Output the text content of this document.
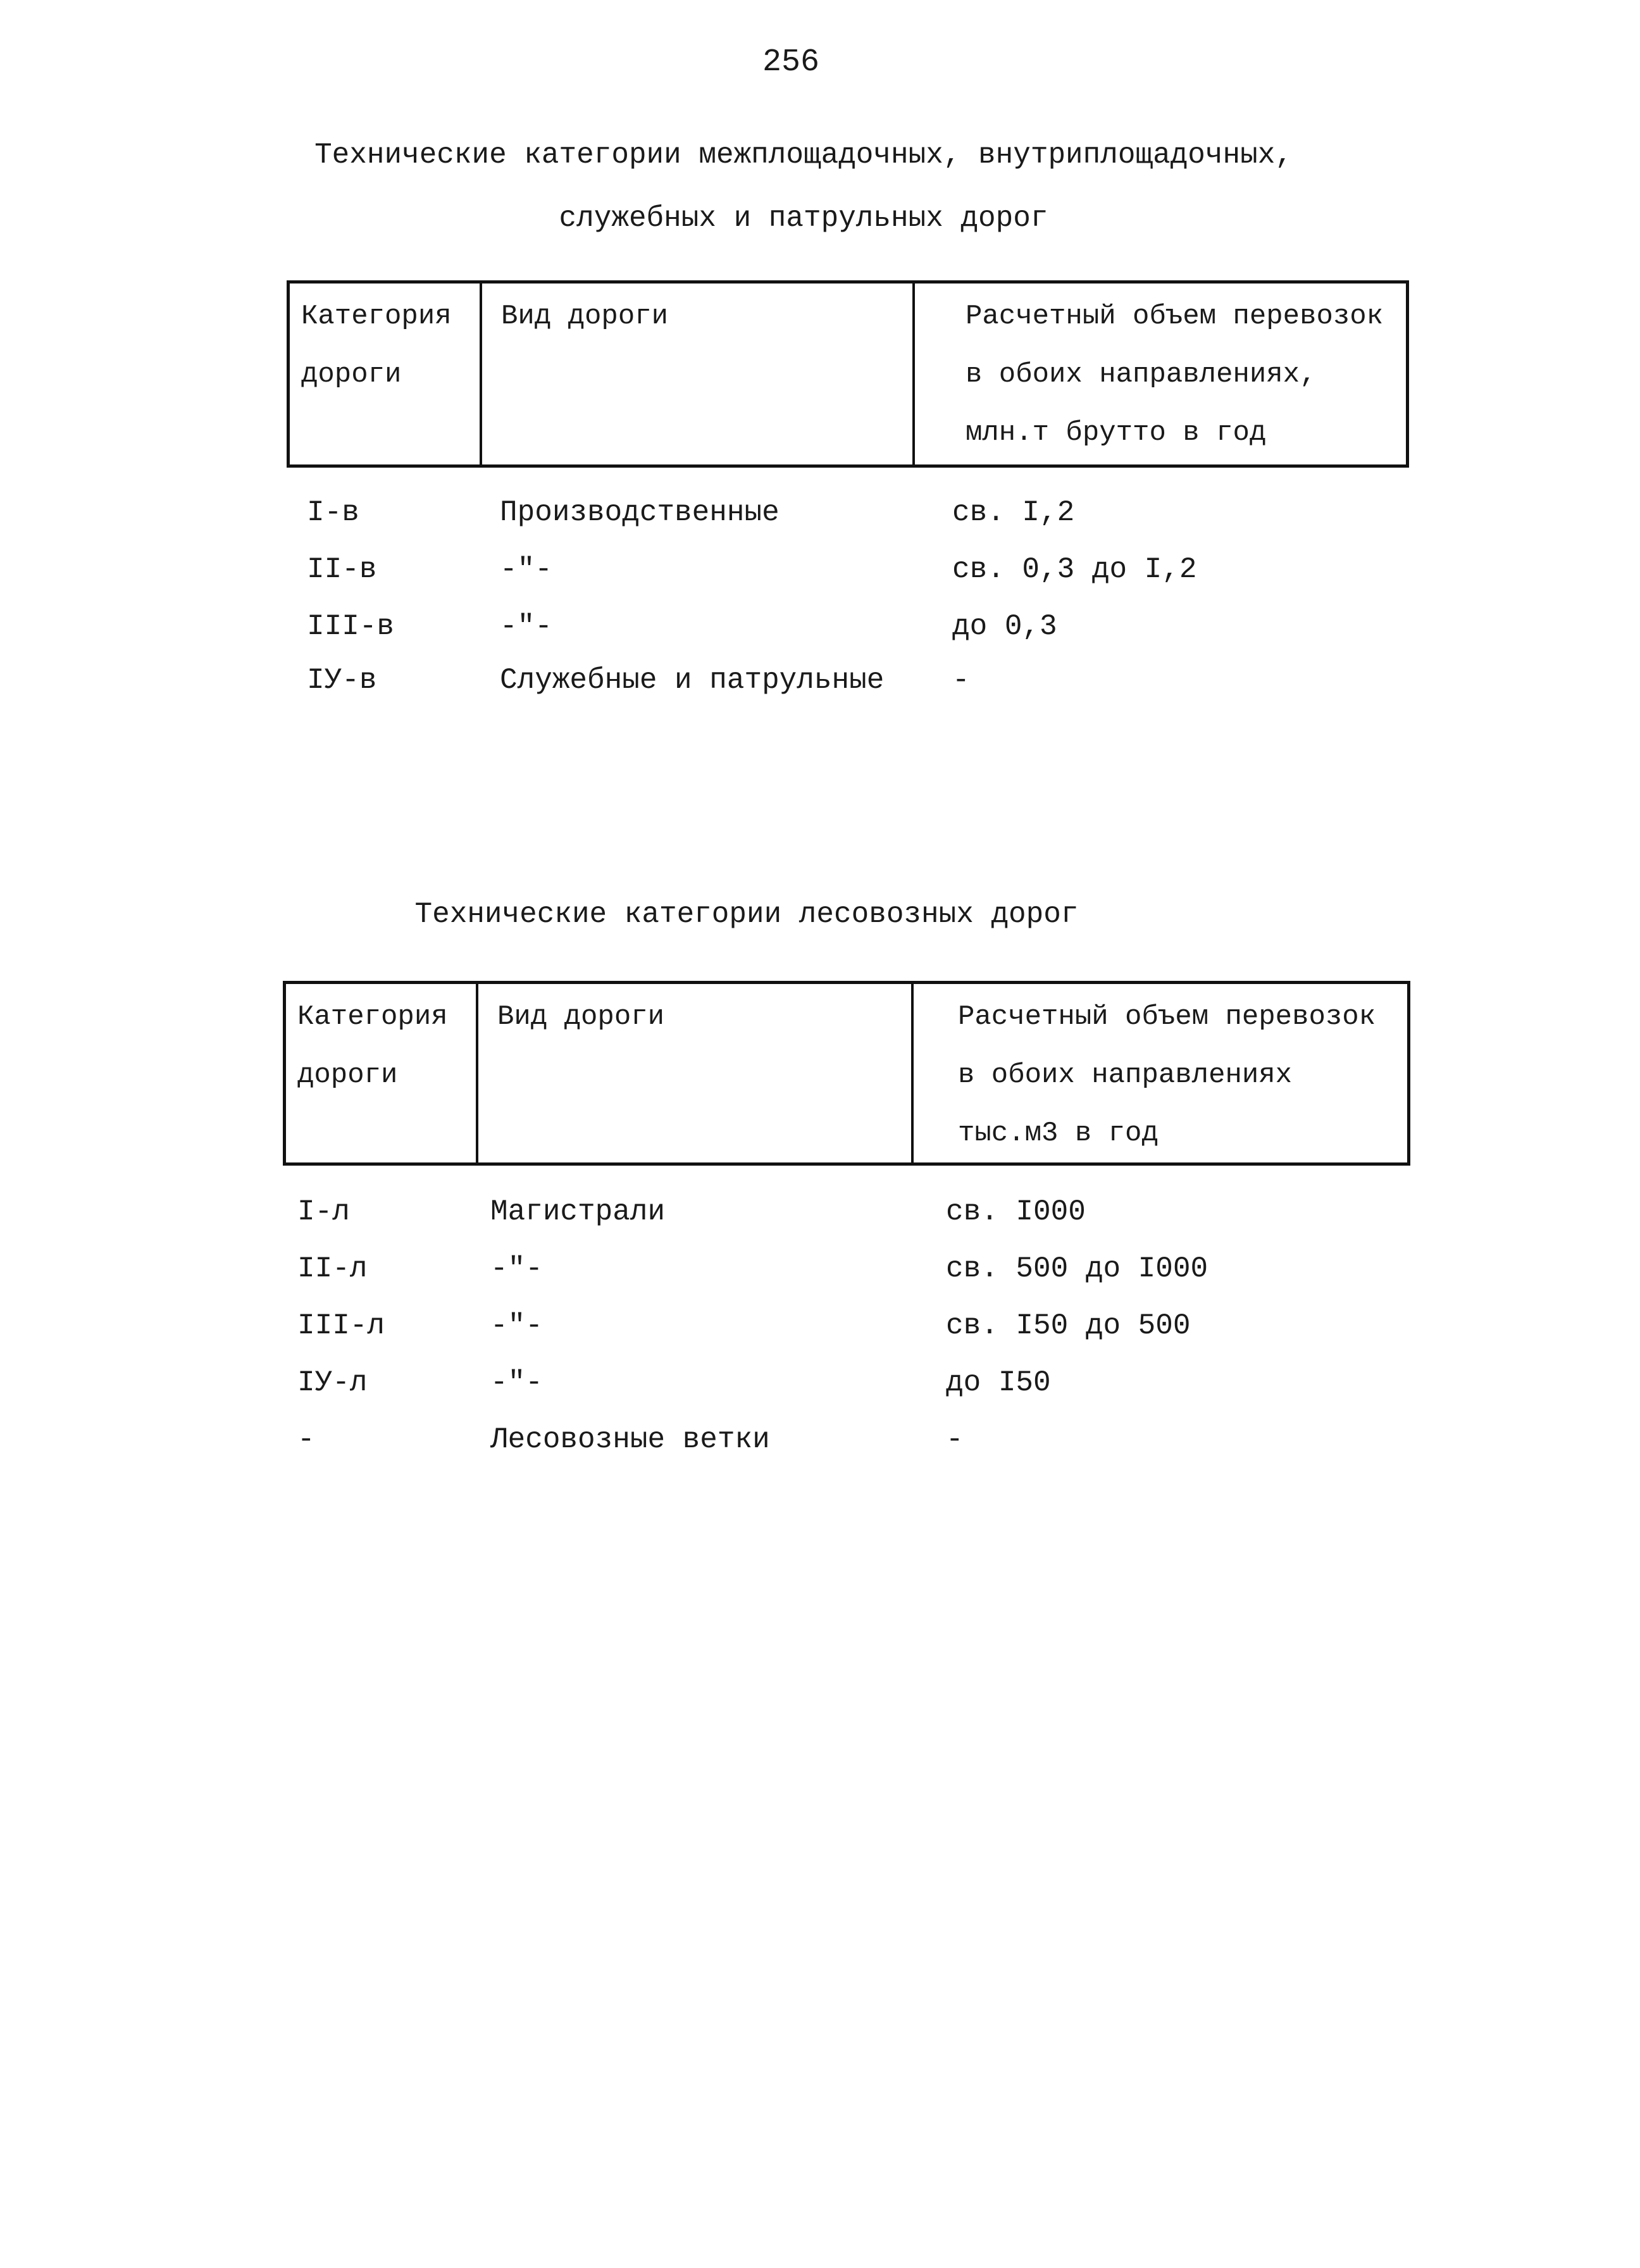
256
Технические категории межплощадочных, внутриплощадочных,
служебных и патрульных дорог
Категория
дороги

Вид дороги	Расчетный объем перевозок
в обоих направлениях,
млн.т брутто в год
I-в	Производственные	св. I,2
II-в	-"-	св. 0,3 до I,2
III-в	-"-	до 0,3
IУ-в	Служебные и патрульные -
Технические категории лесовозных дорог
Категория
дороги

Вид дороги	Расчетный объем перевозок
в обоих направлениях
тыс.м3 в год
I-л	Магистрали	св. I000
II-л	-"-	св. 500 до I000
III-л	-"-	св. I50 до 500
IУ-л	-"-	до I50
-	Лесовозные ветки	-
